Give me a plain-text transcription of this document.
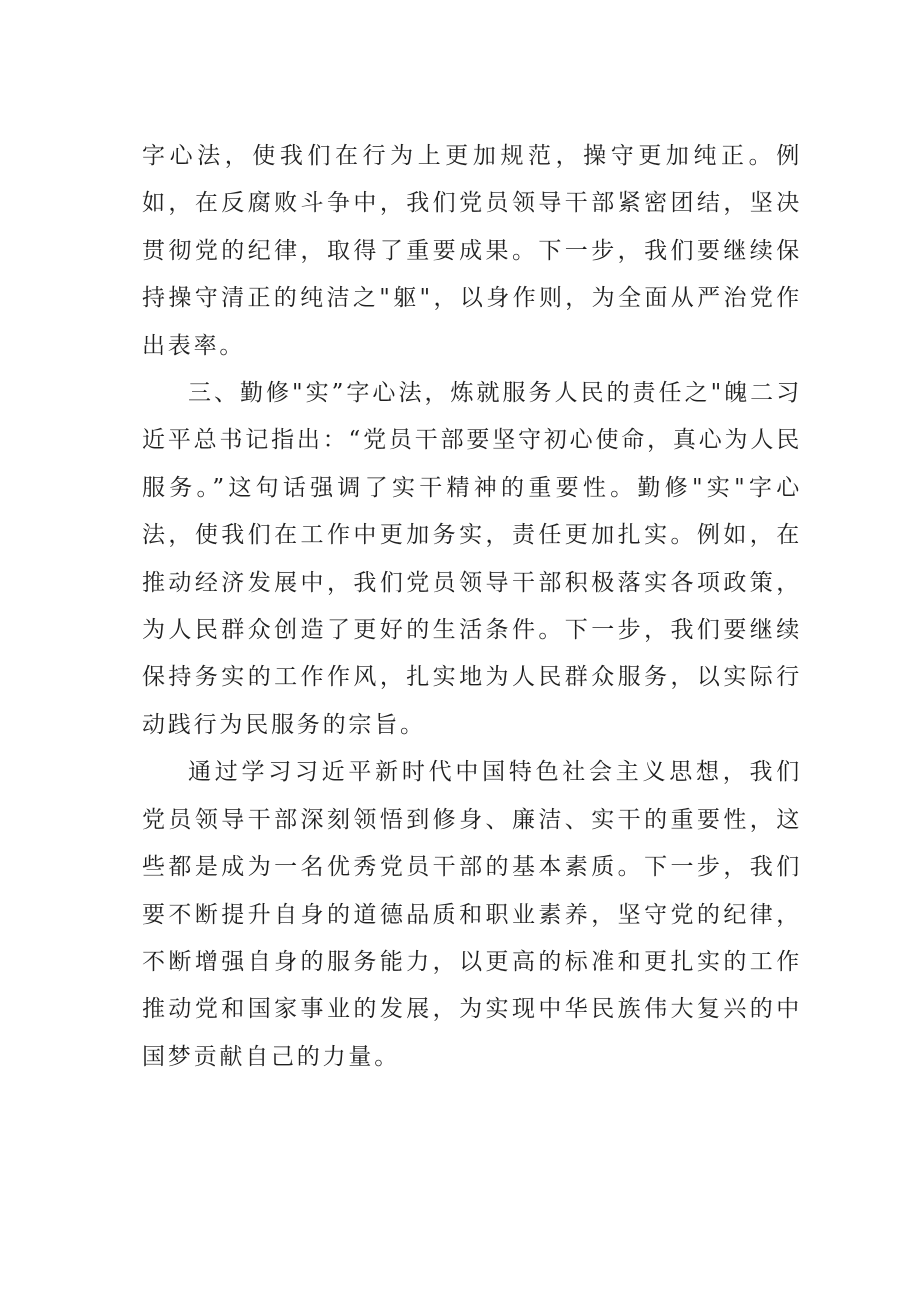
字心法，使我们在行为上更加规范，操守更加纯正。例如，在反腐败斗争中，我们党员领导干部紧密团结，坚决贯彻党的纪律，取得了重要成果。下一步，我们要继续保持操守清正的纯洁之"躯"，以身作则，为全面从严治党作出表率。

三、勤修"实”字心法，炼就服务人民的责任之"魄二习近平总书记指出：“党员干部要坚守初心使命，真心为人民服务。”这句话强调了实干精神的重要性。勤修"实"字心法，使我们在工作中更加务实，责任更加扎实。例如，在推动经济发展中，我们党员领导干部积极落实各项政策，为人民群众创造了更好的生活条件。下一步，我们要继续保持务实的工作作风，扎实地为人民群众服务，以实际行动践行为民服务的宗旨。

通过学习习近平新时代中国特色社会主义思想，我们党员领导干部深刻领悟到修身、廉洁、实干的重要性，这些都是成为一名优秀党员干部的基本素质。下一步，我们要不断提升自身的道德品质和职业素养，坚守党的纪律，不断增强自身的服务能力，以更高的标准和更扎实的工作推动党和国家事业的发展，为实现中华民族伟大复兴的中国梦贡献自己的力量。
